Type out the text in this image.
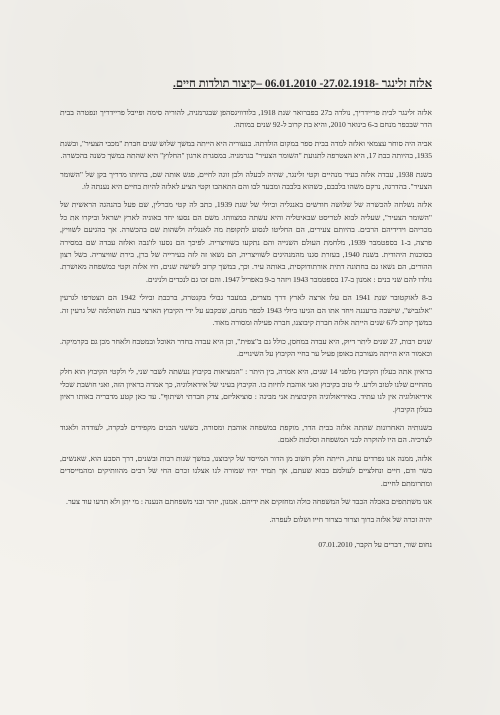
אלזה זלינגר -27.02.1918- 06.01.2010 –קיצור תולדות חיים.
אלזה זלינגר לבית פריידריך, נולדה ב27 בפברואר שנת 1918, בלודוויגסהפן שבגרמניה, להוריה סימה ופייבל פריידריך ונפטרה בבית הדר שבכפר מנחם ב-6 בינואר 2010, והיא בת קרוב ל-92 שנים במותה.
אביה היה סוחר עצמאי ואלזה למדה בבית ספר במקום הולדתה. בנעוריה היא הייתה במשך שלוש שנים חברת "מכבי הצעיר", ובשנת 1935, בהיותה כבת 17, היא הצטרפה לתנועת "השומר הצעיר" בגרמניה. במסגרת ארגון "החלוץ" היא שהתה במשך כשנה בהכשרה.
בשנת 1938, עבדה אלזה בעיר מנהיים וקטי זלינגר, שהיה לבעלה ולבן זוגה לחיים, פגש אותה שם, בהיותו מדריך בקן של "השומר הצעיר". בהדרגה, נרקם משהו בלבבם, כשהוא בלבבה ומבעד לבו והם התאהבו וקטי הציע לאלזה להיות בחיים היא נענתה לו.
אלזה נשלחה להכשרה של שלושה חודשים באנגליה וביולי של שנת 1939, כתב לה קטי מכרלין, שם פעל בהנהגה הראשית של "השומר הצעיר", שעליה לבוא לטריסט שבאיטליה והיא עשתה כמצוותו. משם הם נסעו יחד באוניה לארץ ישראל וביקרו את כל מכריהם וידידיהם הרבים. בהיותם צעירים, הם החליטו לנסוע לתקופת מה לאנגליה ולשהות שם בהכשרה. אך בהגיעם לשוויץ, פרצה, ב-1 בספטמבר 1939, מלחמת העולם השנייה והם נתקעו בשוויצריה. לפיכך הם נסעו לז'נבה ואלזה עבדה שם במסירה בסוכנות היהודית. בשנת 1940, בעזרת סגנו מהמנהיגים לשוויצריה, הם נשאו זה לזה בעירייה של ברן, בירת שוויצריה. בשל רצון ההורים, הם נשאו גם בחתונה דתית אורתודוקסית, באותה עיר. וכך, במשך קרוב לשישה שנים, חיו אלזה וקטי כמשפחה מאושרת. נולדו להם שני בנים : אמנון ב-17 בספטמבר 1943 ויזהר ב-9 באפריל 1947. והם זכו גם לנכדים ולנינים.
ב-8 לאוקטובר שנת 1941 הם עלו ארצה לארץ דרך מצרים, במעבר גבולי בקנטרה, ברכבת וביולי 1942 הם הצטרפו לגרעין "אלגביש", שישבה ברעננה ויחד אתו הם הגיעו ביולי 1943 לכפר מנחם, שבקבע על ידי הקיבוץ הארצי בעת השתלמה של גרעין זה. במשך קרוב ל67 שנים הייתה אלזה חברת קיבוצנו, חברה פעילה ומסורה מאוד.
שנים רבות, 27 שנים ליתר דיוק, היא עבדה במחסן, כולל גם ב"צפית", וכן היא עבדה בחדר האוכל ובמטבח ולאחר מכן גם בקרמיקה. וכאמור היא הייתה מעורבת באופן פעיל ער בחיי הקיבוץ על השינויים.
בראיון אתה בעלון הקיבוץ מלפני 14 שנים, היא אמרה, בין היתר : "המציאות בקיבוץ נעשתה לשבר שני, לי ולקטי הקיבוץ הוא חלק מהחיים שלנו לטוב ולרע. לי טוב בקיבוץ ואני אוהבת לחיות בו. הקיבוץ בעיני של אידאולוגיה, כך אמרה בראיון הזה, ואני חושבת שכלי אידיאולוגיה אין לנו עתיד. באידיאולוגיה הקיבוצית אני מבינה : סוציאליזם, צדק חברתי ושיתוף". עד כאן קטע מדבריה באותו ראיון בעלון הקיבוץ.
בשנותיה האחרונות שהתה אלזה בבית הדר, מוקפת במשפחה אוהבת ומסורה, כששני הבנים מקפידים לבקרה, לעודדה ולאגוד לצרכיה. הם היו להוקרה לבני המשפחה וסלכות לאמם.
אלזה, ממנה אנו נפרדים עתה, הייתה חלק חשוב מן הדור המייסד של קיבוצנו, במשך שנות רבות ובשנים, דרך הסבע הוא, שאנשים, בשר ודם, חיים ונחלציים לעולמם בבוא שעתם, אך תמיד יהיו שמורה לנו אצלנו זכרם החי של רבים מהוותיקים ומהמייסדים ומתרומתם לחיים.
אנו משתתפים באבלה הכבד של המשפחה כולה ומחזקים את ידיהם. אמנון, יזהר ובני משפחתם הנענה : מי יתן ולא תדעו עוד צער.
יהיה זכרה של אלזה ברוך וצרור בצרור חייו ושלום לעפרה.
נחום שור, דברים על הקבר, 07.01.2010
